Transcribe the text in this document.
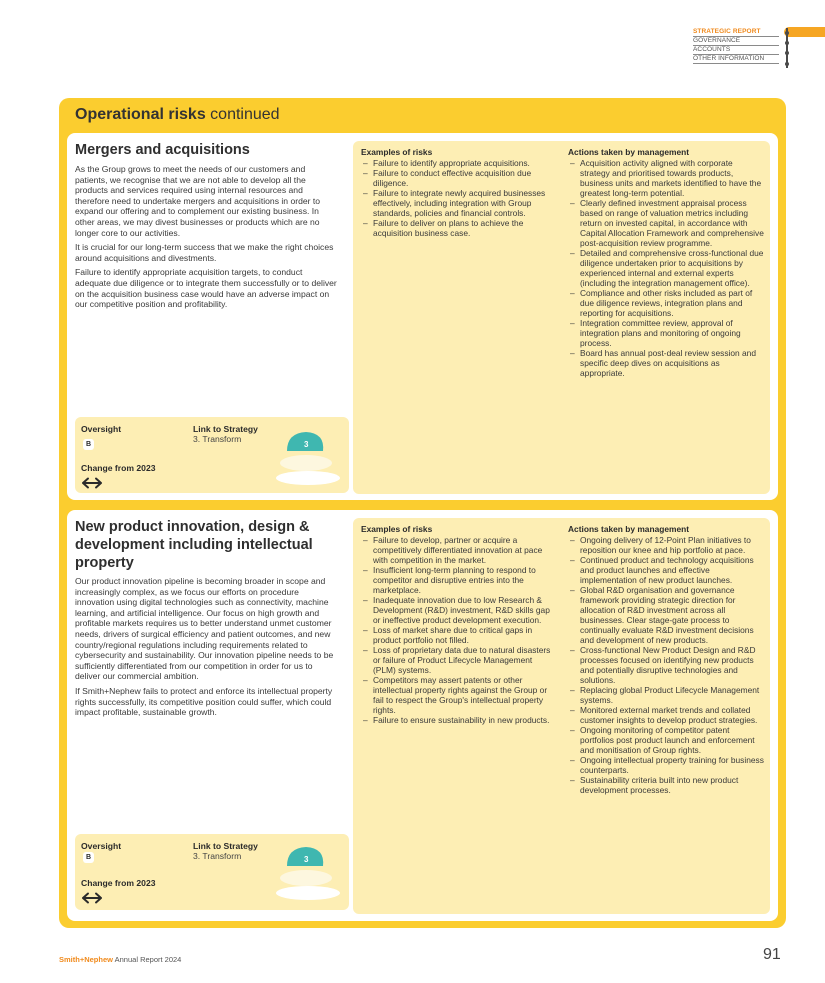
STRATEGIC REPORT
GOVERNANCE
ACCOUNTS
OTHER INFORMATION
Operational risks continued
Mergers and acquisitions

As the Group grows to meet the needs of our customers and patients, we recognise that we are not able to develop all the products and services required using internal resources and therefore need to undertake mergers and acquisitions in order to expand our offering and to complement our existing business. In other areas, we may divest businesses or products which are no longer core to our activities.

It is crucial for our long-term success that we make the right choices around acquisitions and divestments.

Failure to identify appropriate acquisition targets, to conduct adequate due diligence or to integrate them successfully or to deliver on the acquisition business case would have an adverse impact on our competitive position and profitability.

Oversight
B
Link to Strategy
3. Transform
Change from 2023
3
Examples of risks
– Failure to identify appropriate acquisitions.
– Failure to conduct effective acquisition due diligence.
– Failure to integrate newly acquired businesses effectively, including integration with Group standards, policies and financial controls.
– Failure to deliver on plans to achieve the acquisition business case.
Actions taken by management
– Acquisition activity aligned with corporate strategy and prioritised towards products, business units and markets identified to have the greatest long-term potential.
– Clearly defined investment appraisal process based on range of valuation metrics including return on invested capital, in accordance with Capital Allocation Framework and comprehensive post-acquisition review programme.
– Detailed and comprehensive cross-functional due diligence undertaken prior to acquisitions by experienced internal and external experts (including the integration management office).
– Compliance and other risks included as part of due diligence reviews, integration plans and reporting for acquisitions.
– Integration committee review, approval of integration plans and monitoring of ongoing process.
– Board has annual post-deal review session and specific deep dives on acquisitions as appropriate.
New product innovation, design & development including intellectual property

Our product innovation pipeline is becoming broader in scope and increasingly complex, as we focus our efforts on procedure innovation using digital technologies such as connectivity, machine learning, and artificial intelligence. Our focus on high growth and profitable markets requires us to better understand unmet customer needs, drivers of surgical efficiency and patient outcomes, and new country/regional regulations including requirements related to cybersecurity and sustainability. Our innovation pipeline needs to be sufficiently differentiated from our competition in order for us to deliver our commercial ambition.

If Smith+Nephew fails to protect and enforce its intellectual property rights successfully, its competitive position could suffer, which could impact profitable, sustainable growth.

Oversight
B
Link to Strategy
3. Transform
Change from 2023
3
Examples of risks
– Failure to develop, partner or acquire a competitively differentiated innovation at pace with competition in the market.
– Insufficient long-term planning to respond to competitor and disruptive entries into the marketplace.
– Inadequate innovation due to low Research & Development (R&D) investment, R&D skills gap or ineffective product development execution.
– Loss of market share due to critical gaps in product portfolio not filled.
– Loss of proprietary data due to natural disasters or failure of Product Lifecycle Management (PLM) systems.
– Competitors may assert patents or other intellectual property rights against the Group or fail to respect the Group's intellectual property rights.
– Failure to ensure sustainability in new products.
Actions taken by management
– Ongoing delivery of 12-Point Plan initiatives to reposition our knee and hip portfolio at pace.
– Continued product and technology acquisitions and product launches and effective implementation of new product launches.
– Global R&D organisation and governance framework providing strategic direction for allocation of R&D investment across all businesses. Clear stage-gate process to continually evaluate R&D investment decisions and development of new products.
– Cross-functional New Product Design and R&D processes focused on identifying new products and potentially disruptive technologies and solutions.
– Replacing global Product Lifecycle Management systems.
– Monitored external market trends and collated customer insights to develop product strategies.
– Ongoing monitoring of competitor patent portfolios post product launch and enforcement and monitisation of Group rights.
– Ongoing intellectual property training for business counterparts.
– Sustainability criteria built into new product development processes.
Smith+Nephew Annual Report 2024	91
